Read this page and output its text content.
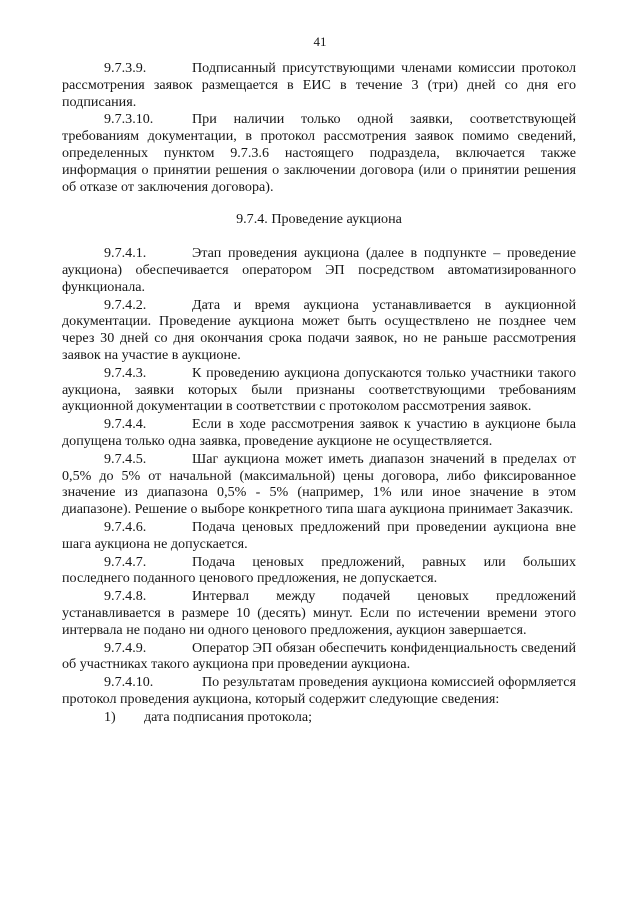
41

9.7.3.9.	Подписанный присутствующими членами комиссии протокол рассмотрения заявок размещается в ЕИС в течение 3 (три) дней со дня его подписания.

9.7.3.10.	При наличии только одной заявки, соответствующей требованиям документации, в протокол рассмотрения заявок помимо сведений, определенных пунктом 9.7.3.6 настоящего подраздела, включается также информация о принятии решения о заключении договора (или о принятии решения об отказе от заключения договора).

9.7.4. Проведение аукциона

9.7.4.1.	Этап проведения аукциона (далее в подпункте – проведение аукциона) обеспечивается оператором ЭП посредством автоматизированного функционала.

9.7.4.2.	Дата и время аукциона устанавливается в аукционной документации. Проведение аукциона может быть осуществлено не позднее чем через 30 дней со дня окончания срока подачи заявок, но не раньше рассмотрения заявок на участие в аукционе.

9.7.4.3.	К проведению аукциона допускаются только участники такого аукциона, заявки которых были признаны соответствующими требованиям аукционной документации в соответствии с протоколом рассмотрения заявок.

9.7.4.4.	Если в ходе рассмотрения заявок к участию в аукционе была допущена только одна заявка, проведение аукционе не осуществляется.

9.7.4.5.	Шаг аукциона может иметь диапазон значений в пределах от 0,5% до 5% от начальной (максимальной) цены договора, либо фиксированное значение из диапазона 0,5% - 5% (например, 1% или иное значение в этом диапазоне). Решение о выборе конкретного типа шага аукциона принимает Заказчик.

9.7.4.6.	Подача ценовых предложений при проведении аукциона вне шага аукциона не допускается.

9.7.4.7.	Подача ценовых предложений, равных или больших последнего поданного ценового предложения, не допускается.

9.7.4.8.	Интервал между подачей ценовых предложений устанавливается в размере 10 (десять) минут. Если по истечении времени этого интервала не подано ни одного ценового предложения, аукцион завершается.

9.7.4.9.	Оператор ЭП обязан обеспечить конфиденциальность сведений об участниках такого аукциона при проведении аукциона.

9.7.4.10.	По результатам проведения аукциона комиссией оформляется протокол проведения аукциона, который содержит следующие сведения:

1) дата подписания протокола;
